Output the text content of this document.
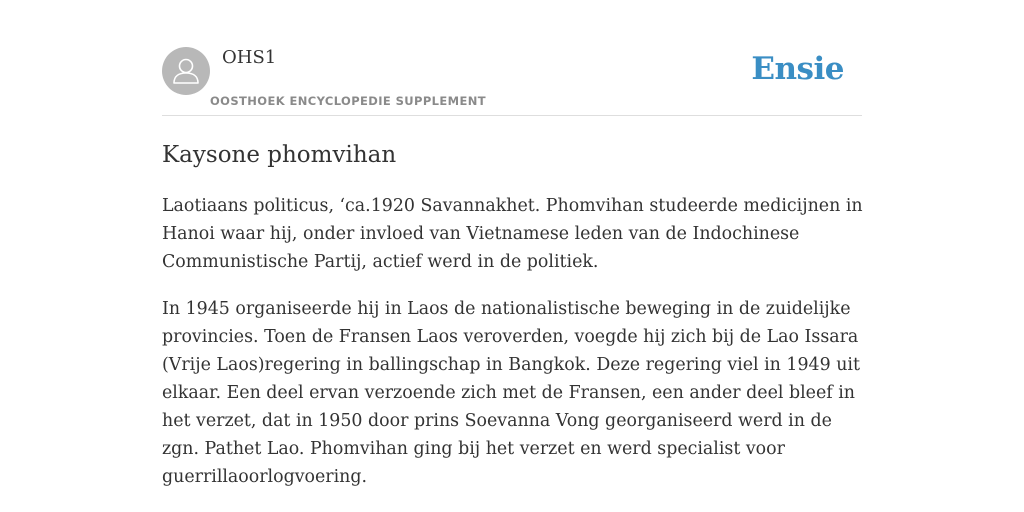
OHS1
OOSTHOEK ENCYCLOPEDIE SUPPLEMENT
Ensie
Kaysone phomvihan

Laotiaans politicus, ‘ca.1920 Savannakhet. Phomvihan studeerde medicijnen in Hanoi waar hij, onder invloed van Vietnamese leden van de Indochinese Communistische Partij, actief werd in de politiek.

In 1945 organiseerde hij in Laos de nationalistische beweging in de zuidelijke provincies. Toen de Fransen Laos veroverden, voegde hij zich bij de Lao Issara (Vrije Laos)regering in ballingschap in Bangkok. Deze regering viel in 1949 uit elkaar. Een deel ervan verzoende zich met de Fransen, een ander deel bleef in het verzet, dat in 1950 door prins Soevanna Vong georganiseerd werd in de zgn. Pathet Lao. Phomvihan ging bij het verzet en werd specialist voor guerrillaoorlogvoering.
